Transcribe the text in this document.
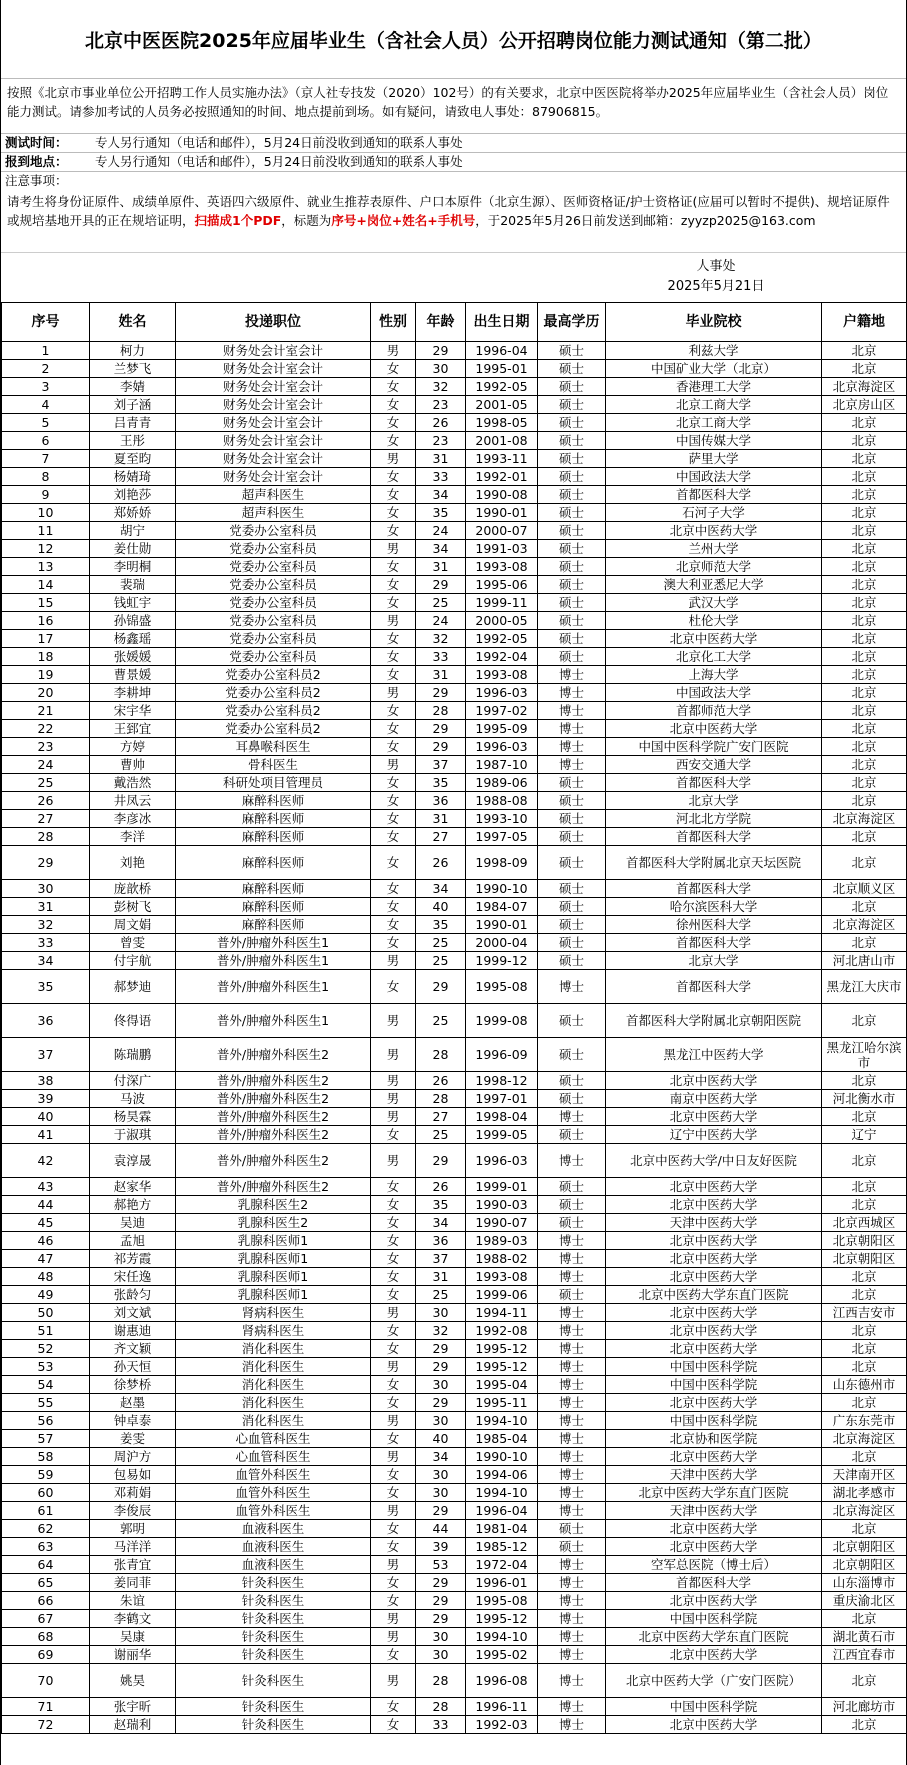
北京中医医院2025年应届毕业生（含社会人员）公开招聘岗位能力测试通知（第二批）
按照《北京市事业单位公开招聘工作人员实施办法》（京人社专技发（2020）102号）的有关要求，北京中医医院将举办2025年应届毕业生（含社会人员）岗位能力测试。请参加考试的人员务必按照通知的时间、地点提前到场。如有疑问，请致电人事处：87906815。
测试时间：	专人另行通知（电话和邮件），5月24日前没收到通知的联系人事处
报到地点：	专人另行通知（电话和邮件），5月24日前没收到通知的联系人事处
注意事项：
请考生将身份证原件、成绩单原件、英语四六级原件、就业生推荐表原件、户口本原件（北京生源）、医师资格证/护士资格证(应届可以暂时不提供)、规培证原件或规培基地开具的正在规培证明，扫描成1个PDF，标题为序号+岗位+姓名+手机号，于2025年5月26日前发送到邮箱：zyyzp2025@163.com
人事处
2025年5月21日
序号	姓名	投递职位	性别	年龄	出生日期	最高学历	毕业院校	户籍地
1	柯力	财务处会计室会计	男	29	1996-04	硕士	利兹大学	北京
2	兰梦飞	财务处会计室会计	女	30	1995-01	硕士	中国矿业大学（北京）	北京
3	李婧	财务处会计室会计	女	32	1992-05	硕士	香港理工大学	北京海淀区
4	刘子涵	财务处会计室会计	女	23	2001-05	硕士	北京工商大学	北京房山区
5	吕青青	财务处会计室会计	女	26	1998-05	硕士	北京工商大学	北京
6	王彤	财务处会计室会计	女	23	2001-08	硕士	中国传媒大学	北京
7	夏至昀	财务处会计室会计	男	31	1993-11	硕士	萨里大学	北京
8	杨婧琦	财务处会计室会计	女	33	1992-01	硕士	中国政法大学	北京
9	刘艳莎	超声科医生	女	34	1990-08	硕士	首都医科大学	北京
10	郑娇娇	超声科医生	女	35	1990-01	硕士	石河子大学	北京
11	胡宁	党委办公室科员	女	24	2000-07	硕士	北京中医药大学	北京
12	姜仕勋	党委办公室科员	男	34	1991-03	硕士	兰州大学	北京
13	李明桐	党委办公室科员	女	31	1993-08	硕士	北京师范大学	北京
14	裴瑞	党委办公室科员	女	29	1995-06	硕士	澳大利亚悉尼大学	北京
15	钱虹宇	党委办公室科员	女	25	1999-11	硕士	武汉大学	北京
16	孙锦盛	党委办公室科员	男	24	2000-05	硕士	杜伦大学	北京
17	杨鑫瑶	党委办公室科员	女	32	1992-05	硕士	北京中医药大学	北京
18	张媛媛	党委办公室科员	女	33	1992-04	硕士	北京化工大学	北京
19	曹景媛	党委办公室科员2	女	31	1993-08	博士	上海大学	北京
20	李耕坤	党委办公室科员2	男	29	1996-03	博士	中国政法大学	北京
21	宋宇华	党委办公室科员2	女	28	1997-02	博士	首都师范大学	北京
22	王郅宜	党委办公室科员2	女	29	1995-09	博士	北京中医药大学	北京
23	方婷	耳鼻喉科医生	女	29	1996-03	博士	中国中医科学院广安门医院	北京
24	曹帅	骨科医生	男	37	1987-10	博士	西安交通大学	北京
25	戴浩然	科研处项目管理员	女	35	1989-06	硕士	首都医科大学	北京
26	井凤云	麻醉科医师	女	36	1988-08	硕士	北京大学	北京
27	李彦冰	麻醉科医师	女	31	1993-10	硕士	河北北方学院	北京海淀区
28	李洋	麻醉科医师	女	27	1997-05	硕士	首都医科大学	北京
29	刘艳	麻醉科医师	女	26	1998-09	硕士	首都医科大学附属北京天坛医院	北京
30	庞歆桥	麻醉科医师	女	34	1990-10	硕士	首都医科大学	北京顺义区
31	彭树飞	麻醉科医师	女	40	1984-07	硕士	哈尔滨医科大学	北京
32	周文娟	麻醉科医师	女	35	1990-01	硕士	徐州医科大学	北京海淀区
33	曾雯	普外/肿瘤外科医生1	女	25	2000-04	硕士	首都医科大学	北京
34	付宇航	普外/肿瘤外科医生1	男	25	1999-12	硕士	北京大学	河北唐山市
35	郝梦迪	普外/肿瘤外科医生1	女	29	1995-08	博士	首都医科大学	黑龙江大庆市
36	佟得语	普外/肿瘤外科医生1	男	25	1999-08	硕士	首都医科大学附属北京朝阳医院	北京
37	陈瑞鹏	普外/肿瘤外科医生2	男	28	1996-09	硕士	黑龙江中医药大学	黑龙江哈尔滨市
38	付深广	普外/肿瘤外科医生2	男	26	1998-12	硕士	北京中医药大学	北京
39	马波	普外/肿瘤外科医生2	男	28	1997-01	硕士	南京中医药大学	河北衡水市
40	杨昊霖	普外/肿瘤外科医生2	男	27	1998-04	博士	北京中医药大学	北京
41	于淑琪	普外/肿瘤外科医生2	女	25	1999-05	硕士	辽宁中医药大学	辽宁
42	袁淳晟	普外/肿瘤外科医生2	男	29	1996-03	博士	北京中医药大学/中日友好医院	北京
43	赵家华	普外/肿瘤外科医生2	女	26	1999-01	硕士	北京中医药大学	北京
44	郝艳方	乳腺科医生2	女	35	1990-03	硕士	北京中医药大学	北京
45	吴迪	乳腺科医生2	女	34	1990-07	硕士	天津中医药大学	北京西城区
46	孟旭	乳腺科医师1	女	36	1989-03	博士	北京中医药大学	北京朝阳区
47	祁芳霞	乳腺科医师1	女	37	1988-02	博士	北京中医药大学	北京朝阳区
48	宋任逸	乳腺科医师1	女	31	1993-08	博士	北京中医药大学	北京
49	张龄匀	乳腺科医师1	女	25	1999-06	硕士	北京中医药大学东直门医院	北京
50	刘文斌	肾病科医生	男	30	1994-11	博士	北京中医药大学	江西吉安市
51	谢惠迪	肾病科医生	女	32	1992-08	博士	北京中医药大学	北京
52	齐文颖	消化科医生	女	29	1995-12	博士	北京中医药大学	北京
53	孙天恒	消化科医生	男	29	1995-12	博士	中国中医科学院	北京
54	徐梦桥	消化科医生	女	30	1995-04	博士	中国中医科学院	山东德州市
55	赵墨	消化科医生	女	29	1995-11	博士	北京中医药大学	北京
56	钟卓泰	消化科医生	男	30	1994-10	博士	中国中医科学院	广东东莞市
57	姜雯	心血管科医生	女	40	1985-04	博士	北京协和医学院	北京海淀区
58	周沪方	心血管科医生	男	34	1990-10	博士	北京中医药大学	北京
59	包易如	血管外科医生	女	30	1994-06	博士	天津中医药大学	天津南开区
60	邓莉娟	血管外科医生	女	30	1994-10	博士	北京中医药大学东直门医院	湖北孝感市
61	李俊辰	血管外科医生	男	29	1996-04	博士	天津中医药大学	北京海淀区
62	郭明	血液科医生	女	44	1981-04	硕士	北京中医药大学	北京
63	马洋洋	血液科医生	女	39	1985-12	硕士	北京中医药大学	北京朝阳区
64	张青宜	血液科医生	男	53	1972-04	博士	空军总医院（博士后）	北京朝阳区
65	姜同菲	针灸科医生	女	29	1996-01	博士	首都医科大学	山东淄博市
66	朱谊	针灸科医生	女	29	1995-08	博士	北京中医药大学	重庆渝北区
67	李鹤文	针灸科医生	男	29	1995-12	博士	中国中医科学院	北京
68	吴康	针灸科医生	男	30	1994-10	博士	北京中医药大学东直门医院	湖北黄石市
69	谢丽华	针灸科医生	女	30	1995-02	博士	北京中医药大学	江西宜春市
70	姚昊	针灸科医生	男	28	1996-08	博士	北京中医药大学（广安门医院）	北京
71	张宇昕	针灸科医生	女	28	1996-11	博士	中国中医科学院	河北廊坊市
72	赵瑞利	针灸科医生	女	33	1992-03	博士	北京中医药大学	北京
